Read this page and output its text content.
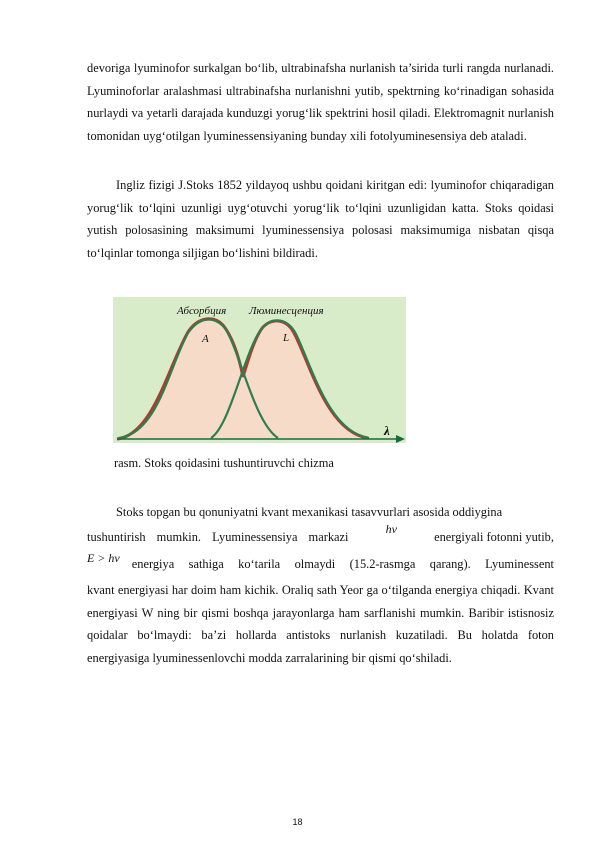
devoriga lyuminofor surkalgan bo‘lib, ultrabinafsha nurlanish ta’sirida turli rangda nurlanadi. Lyuminoforlar aralashmasi ultrabinafsha nurlanishni yutib, spektrning ko‘rinadigan sohasida nurlaydi va yetarli darajada kunduzgi yorug‘lik spektrini hosil qiladi. Elektromagnit nurlanish tomonidan uyg‘otilgan lyuminessensiyaning bunday xili fotolyuminesensiya deb ataladi.

Ingliz fizigi J.Stoks 1852 yildayoq ushbu qoidani kiritgan edi: lyuminofor chiqaradigan yorug‘lik to‘lqini uzunligi uyg‘otuvchi yorug‘lik to‘lqini uzunligidan katta. Stoks qoidasi yutish polosasining maksimumi lyuminessensiya polosasi maksimumiga nisbatan qisqa to‘lqinlar tomonga siljigan bo‘lishini bildiradi.

Абсорбция Люминесценция
A	L
λ
rasm. Stoks qoidasini tushuntiruvchi chizma
Stoks topgan bu qonuniyatni kvant mexanikasi tasavvurlari asosida oddiygina
tushuntirish mumkin. Lyuminessensiya markazi
hν
energiyali fotonni yutib,
E > hν energiya sathiga ko‘tarila olmaydi (15.2-rasmga qarang). Lyuminessent

kvant energiyasi har doim ham kichik. Oraliq sath Yeor ga o‘tilganda energiya chiqadi. Kvant energiyasi W ning bir qismi boshqa jarayonlarga ham sarflanishi mumkin. Baribir istisnosiz qoidalar bo‘lmaydi: ba’zi hollarda antistoks nurlanish kuzatiladi. Bu holatda foton energiyasiga lyuminessenlovchi modda zarralarining bir qismi qo‘shiladi.

18
